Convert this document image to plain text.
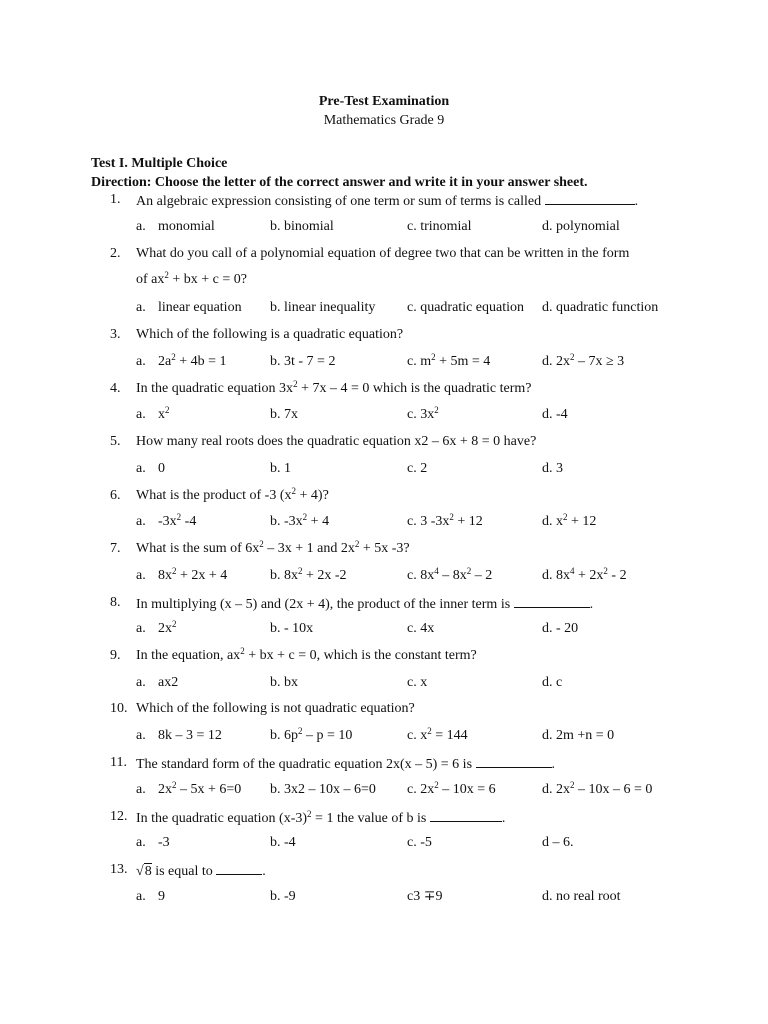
Pre-Test Examination
Mathematics Grade 9
Test I. Multiple Choice
Direction: Choose the letter of the correct answer and write it in your answer sheet.
1.	An algebraic expression consisting of one term or sum of terms is called	.
a. monomial	b. binomial	c. trinomial	d. polynomial
2.	What do you call of a polynomial equation of degree two that can be written in the form
of $ax^2$ + bx + c = 0?
a. linear equation b. linear inequality c. quadratic equation d. quadratic function
3.	Which of the following is a quadratic equation?
a. $2a^2 + 4b = 1$	b. 3t - 7 = 2	c. $m^2 + 5m = 4$	d. $2x^2 - 7x \ge 3$
4.	In the quadratic equation $3x^2 + 7x - 4 = 0$ which is the quadratic term?
a. $x^2$	b. 7x	c. $3x^2$	d. -4
5.	How many real roots does the quadratic equation x2 – 6x + 8 = 0 have?
a. 0	b. 1	c. 2	d. 3
6.	What is the product of -3 $(x^2 + 4)$?
a. $-3x^2$ -4	b. $-3x^2 + 4$	c. 3 $-3x^2 + 12$	d. $x^2 + 12$
7.	What is the sum of $6x^2 - 3x + 1$ and $2x^2 + 5x$ -3?
a. $8x^2 + 2x + 4$	b. $8x^2 + 2x$ -2	c. $8x^4 - 8x^2 - 2$	d. $8x^4 + 2x^2 - 2$
8.	In multiplying (x – 5) and (2x + 4), the product of the inner term is	.
a. $2x^2$	b. - 10x	c. 4x	d. - 20
9.	In the equation, $ax^2$ + bx + c = 0, which is the constant term?
a. ax2	b. bx	c. x	d. c
10. Which of the following is not quadratic equation?
a. 8k – 3 = 12	b. $6p^2 - p = 10$	c. $x^2 = 144$	d. 2m +n = 0
11. The standard form of the quadratic equation 2x(x – 5) = 6 is	.
a. $2x^2 - 5x + 6=0$ b. 3x2 – 10x – 6=0 c. $2x^2 - 10x = 6$	d. $2x^2 - 10x - 6 = 0$
12. In the quadratic equation $(x-3)^2 = 1$ the value of b is	.
a. -3	b. -4	c. -5	d – 6.
13. √8 is equal to	.
a. 9	b. -9	c3 ∓9	d. no real root
